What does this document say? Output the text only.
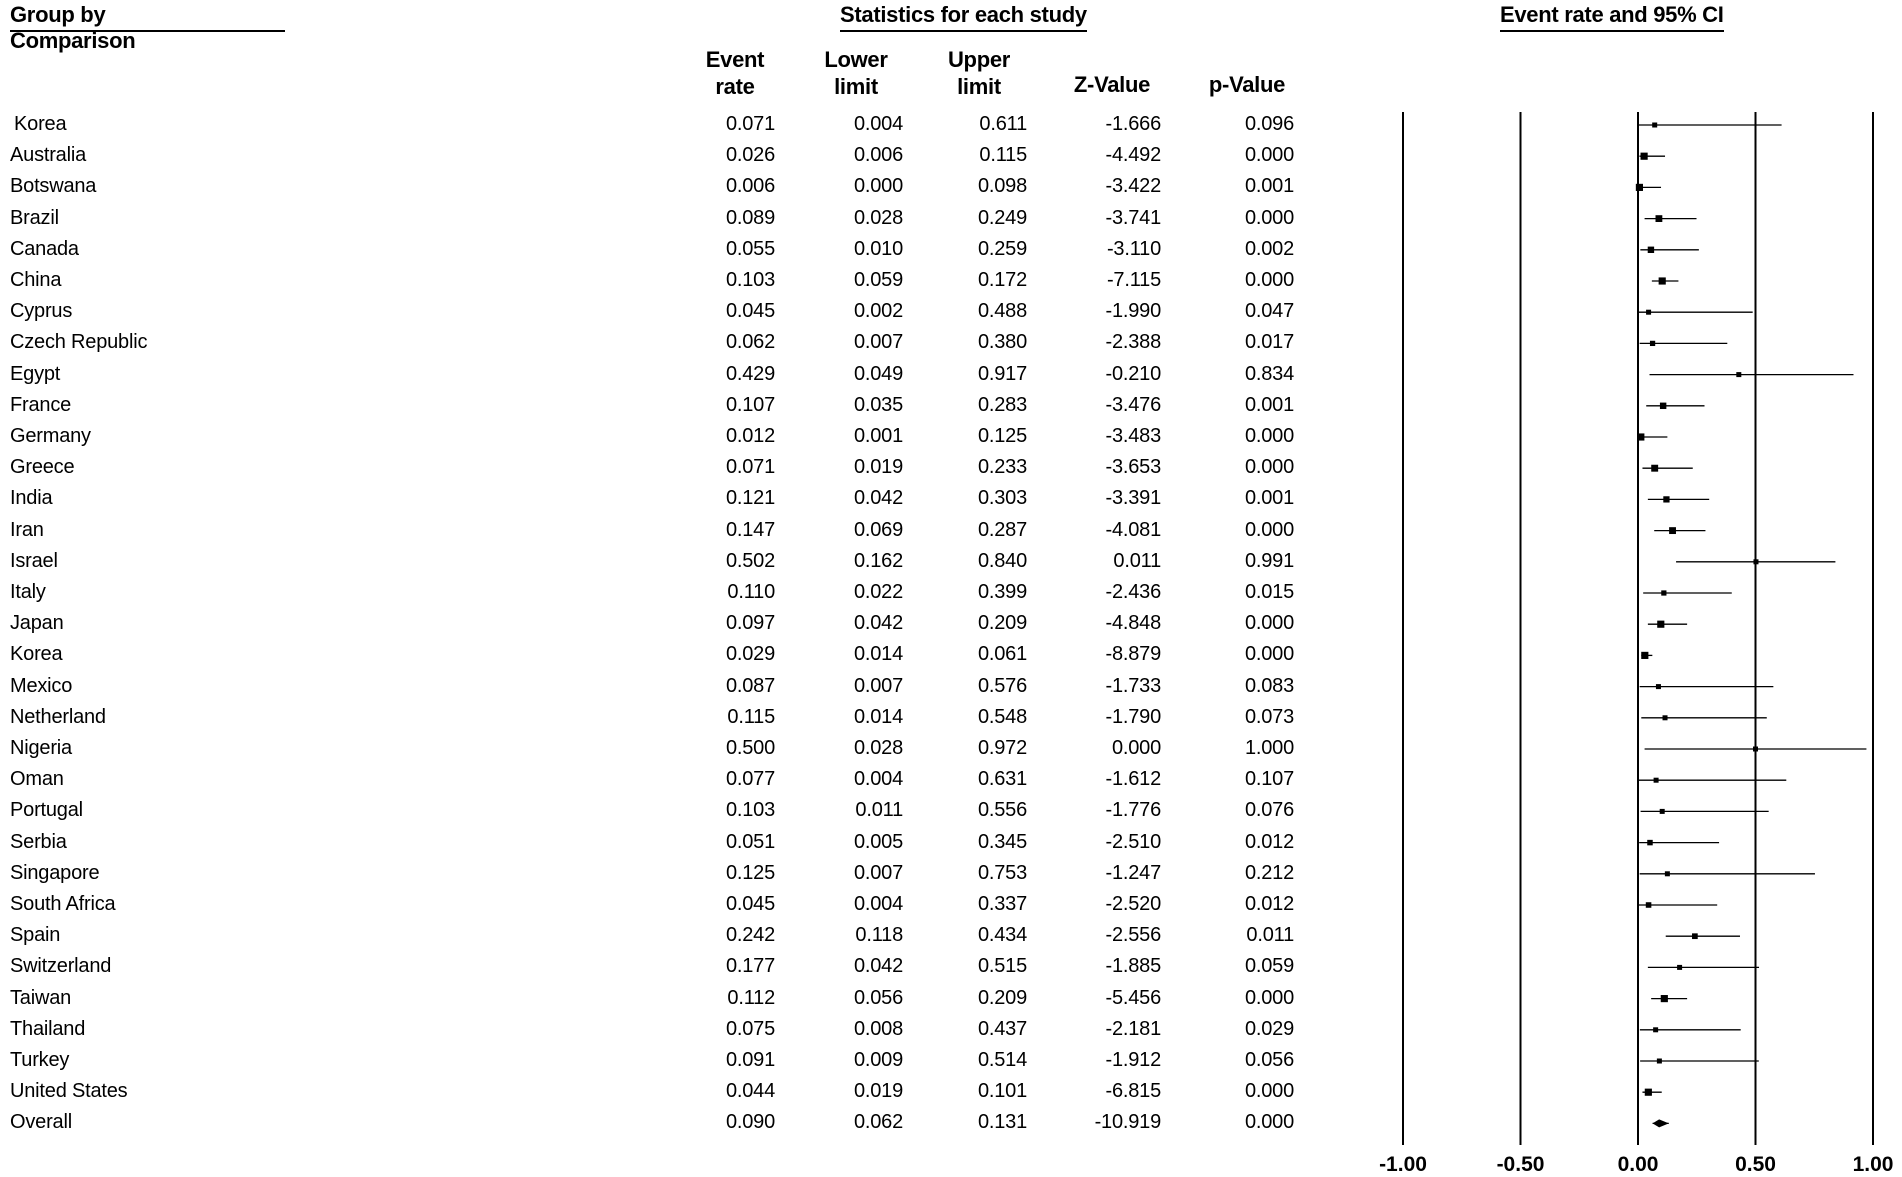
Group by
Comparison
Statistics for each study	Event rate and 95% CI
Event
rate
Lower
limit
Upper
limit	Z-Value	p-Value
Korea	0.071	0.004	0.611	-1.666	0.096
Australia	0.026	0.006	0.115	-4.492	0.000
Botswana	0.006	0.000	0.098	-3.422	0.001
Brazil	0.089	0.028	0.249	-3.741	0.000
Canada	0.055	0.010	0.259	-3.110	0.002
China	0.103	0.059	0.172	-7.115	0.000
Cyprus	0.045	0.002	0.488	-1.990	0.047
Czech Republic	0.062	0.007	0.380	-2.388	0.017
Egypt	0.429	0.049	0.917	-0.210	0.834
France	0.107	0.035	0.283	-3.476	0.001
Germany	0.012	0.001	0.125	-3.483	0.000
Greece	0.071	0.019	0.233	-3.653	0.000
India	0.121	0.042	0.303	-3.391	0.001
Iran	0.147	0.069	0.287	-4.081	0.000
Israel	0.502	0.162	0.840	0.011	0.991
Italy	0.110	0.022	0.399	-2.436	0.015
Japan	0.097	0.042	0.209	-4.848	0.000
Korea	0.029	0.014	0.061	-8.879	0.000
Mexico	0.087	0.007	0.576	-1.733	0.083
Netherland	0.115	0.014	0.548	-1.790	0.073
Nigeria	0.500	0.028	0.972	0.000	1.000
Oman	0.077	0.004	0.631	-1.612	0.107
Portugal	0.103	0.011	0.556	-1.776	0.076
Serbia	0.051	0.005	0.345	-2.510	0.012
Singapore	0.125	0.007	0.753	-1.247	0.212
South Africa	0.045	0.004	0.337	-2.520	0.012
Spain	0.242	0.118	0.434	-2.556	0.011
Switzerland	0.177	0.042	0.515	-1.885	0.059
Taiwan	0.112	0.056	0.209	-5.456	0.000
Thailand	0.075	0.008	0.437	-2.181	0.029
Turkey	0.091	0.009	0.514	-1.912	0.056
United States	0.044	0.019	0.101	-6.815	0.000
Overall	0.090	0.062	0.131	-10.919	0.000
-1.00	-0.50	0.00	0.50	1.00
